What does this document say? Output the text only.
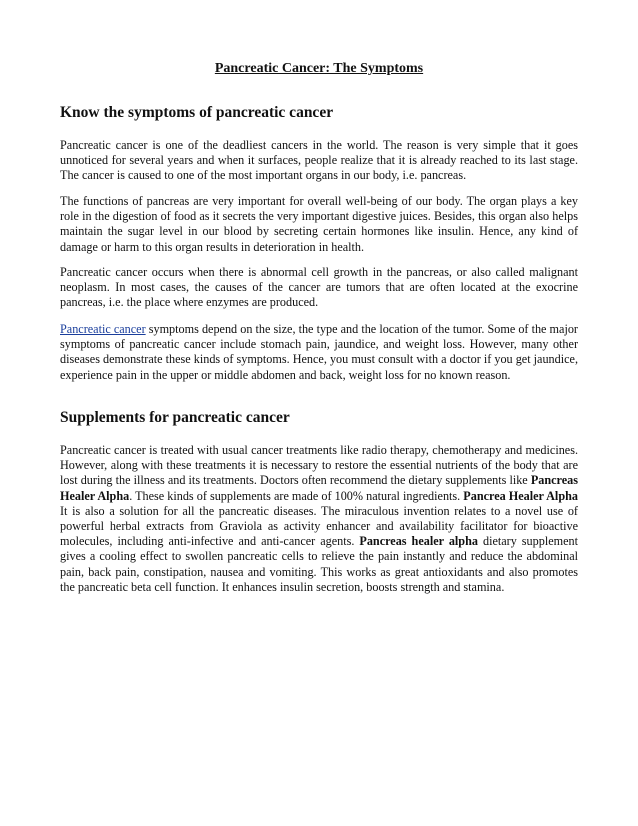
Pancreatic Cancer: The Symptoms
Know the symptoms of pancreatic cancer

Pancreatic cancer is one of the deadliest cancers in the world. The reason is very simple that it goes unnoticed for several years and when it surfaces, people realize that it is already reached to its last stage. The cancer is caused to one of the most important organs in our body, i.e. pancreas.

The functions of pancreas are very important for overall well-being of our body. The organ plays a key role in the digestion of food as it secrets the very important digestive juices. Besides, this organ also helps maintain the sugar level in our blood by secreting certain hormones like insulin. Hence, any kind of damage or harm to this organ results in deterioration in health.

Pancreatic cancer occurs when there is abnormal cell growth in the pancreas, or also called malignant neoplasm. In most cases, the causes of the cancer are tumors that are often located at the exocrine pancreas, i.e. the place where enzymes are produced.

Pancreatic cancer symptoms depend on the size, the type and the location of the tumor. Some of the major symptoms of pancreatic cancer include stomach pain, jaundice, and weight loss. However, many other diseases demonstrate these kinds of symptoms. Hence, you must consult with a doctor if you get jaundice, experience pain in the upper or middle abdomen and back, weight loss for no known reason.

Supplements for pancreatic cancer

Pancreatic cancer is treated with usual cancer treatments like radio therapy, chemotherapy and medicines. However, along with these treatments it is necessary to restore the essential nutrients of the body that are lost during the illness and its treatments. Doctors often recommend the dietary supplements like Pancreas Healer Alpha. These kinds of supplements are made of 100% natural ingredients. Pancrea Healer Alpha It is also a solution for all the pancreatic diseases. The miraculous invention relates to a novel use of powerful herbal extracts from Graviola as activity enhancer and availability facilitator for bioactive molecules, including anti-infective and anti-cancer agents. Pancreas healer alpha dietary supplement gives a cooling effect to swollen pancreatic cells to relieve the pain instantly and reduce the abdominal pain, back pain, constipation, nausea and vomiting. This works as great antioxidants and also promotes the pancreatic beta cell function. It enhances insulin secretion, boosts strength and stamina.
